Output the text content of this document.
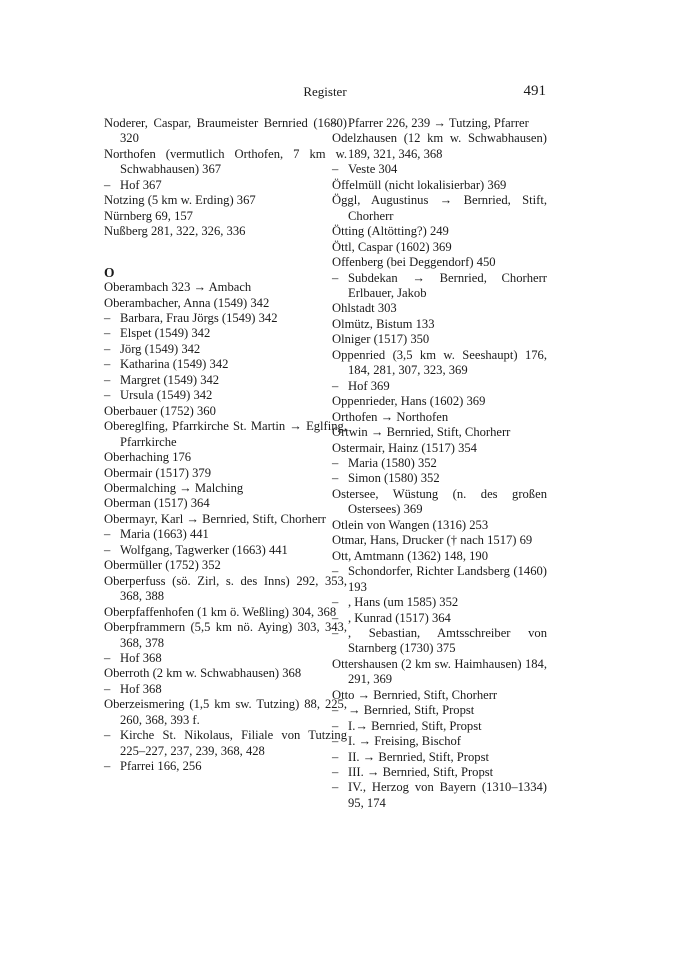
Register	491
Noderer, Caspar, Braumeister Bernried (1680) 320
Northofen (vermutlich Orthofen, 7 km w. Schwabhausen) 367
– Hof 367
Notzing (5 km w. Erding) 367
Nürnberg 69, 157
Nußberg 281, 322, 326, 336
O
Oberambach 323 → Ambach
Oberambacher, Anna (1549) 342
– Barbara, Frau Jörgs (1549) 342
– Elspet (1549) 342
– Jörg (1549) 342
– Katharina (1549) 342
– Margret (1549) 342
– Ursula (1549) 342
Oberbauer (1752) 360
Obereglfing, Pfarrkirche St. Martin → Eglfing, Pfarrkirche
Oberhaching 176
Obermair (1517) 379
Obermalching → Malching
Oberman (1517) 364
Obermayr, Karl → Bernried, Stift, Chorherr
– Maria (1663) 441
– Wolfgang, Tagwerker (1663) 441
Obermüller (1752) 352
Oberperfuss (sö. Zirl, s. des Inns) 292, 353, 368, 388
Oberpfaffenhofen (1 km ö. Weßling) 304, 368
Oberpframmern (5,5 km nö. Aying) 303, 343, 368, 378
– Hof 368
Oberroth (2 km w. Schwabhausen) 368
– Hof 368
Oberzeismering (1,5 km sw. Tutzing) 88, 225, 260, 368, 393 f.
– Kirche St. Nikolaus, Filiale von Tutzing 225–227, 237, 239, 368, 428
– Pfarrei 166, 256
– Pfarrer 226, 239 → Tutzing, Pfarrer
Odelzhausen (12 km w. Schwabhausen) 189, 321, 346, 368
– Veste 304
Öffelmüll (nicht lokalisierbar) 369
Öggl, Augustinus → Bernried, Stift, Chorherr
Ötting (Altötting?) 249
Öttl, Caspar (1602) 369
Offenberg (bei Deggendorf) 450
– Subdekan → Bernried, Chorherr Erlbauer, Jakob
Ohlstadt 303
Olmütz, Bistum 133
Olniger (1517) 350
Oppenried (3,5 km w. Seeshaupt) 176, 184, 281, 307, 323, 369
– Hof 369
Oppenrieder, Hans (1602) 369
Orthofen → Northofen
Ortwin → Bernried, Stift, Chorherr
Ostermair, Hainz (1517) 354
– Maria (1580) 352
– Simon (1580) 352
Ostersee, Wüstung (n. des großen Ostersees) 369
Otlein von Wangen (1316) 253
Otmar, Hans, Drucker († nach 1517) 69
Ott, Amtmann (1362) 148, 190
– Schondorfer, Richter Landsberg (1460) 193
– , Hans (um 1585) 352
– , Kunrad (1517) 364
– , Sebastian, Amtsschreiber von Starnberg (1730) 375
Ottershausen (2 km sw. Haimhausen) 184, 291, 369
Otto → Bernried, Stift, Chorherr
– → Bernried, Stift, Propst
– I.→ Bernried, Stift, Propst
– I. → Freising, Bischof
– II. → Bernried, Stift, Propst
– III. → Bernried, Stift, Propst
– IV., Herzog von Bayern (1310–1334) 95, 174
